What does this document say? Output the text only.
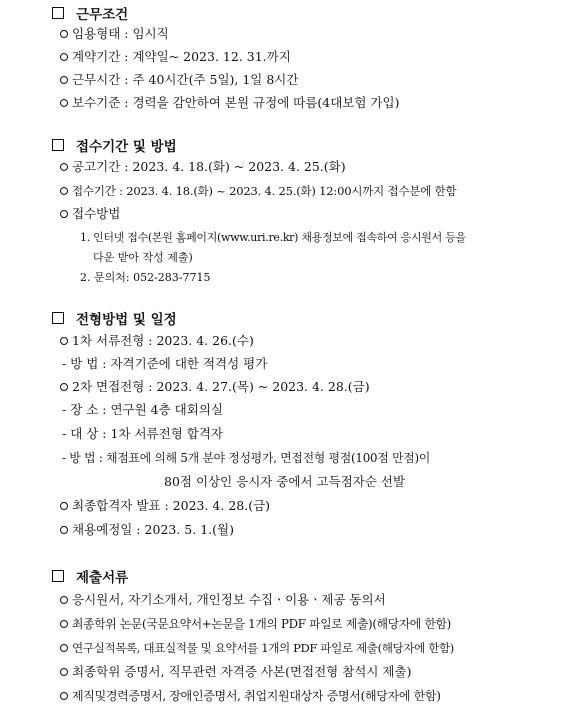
근무조건
임용형태 : 임시직
계약기간 : 계약일~ 2023. 12. 31.까지
근무시간 : 주 40시간(주 5일), 1일 8시간
보수기준 : 경력을 감안하여 본원 규정에 따름(4대보험 가입)
접수기간 및 방법
공고기간 : 2023. 4. 18.(화) ~ 2023. 4. 25.(화)
접수기간 : 2023. 4. 18.(화) ~ 2023. 4. 25.(화) 12:00시까지 접수분에 한함
접수방법
1. 인터넷 접수(본원 홈페이지(www.uri.re.kr) 채용정보에 접속하여 응시원서 등을
다운 받아 작성 제출)
2. 문의처: 052-283-7715
전형방법 및 일정
1차 서류전형 : 2023. 4. 26.(수)
- 방 법 : 자격기준에 대한 적격성 평가
2차 면접전형 : 2023. 4. 27.(목) ~ 2023. 4. 28.(금)
- 장 소 : 연구원 4층 대회의실
- 대 상 : 1차 서류전형 합격자
- 방 법 : 채점표에 의해 5개 분야 정성평가, 면접전형 평점(100점 만점)이
80점 이상인 응시자 중에서 고득점자순 선발
최종합격자 발표 : 2023. 4. 28.(금)
채용예정일 : 2023. 5. 1.(월)
제출서류
응시원서, 자기소개서, 개인정보 수집ㆍ이용ㆍ제공 동의서
최종학위 논문(국문요약서+논문을 1개의 PDF 파일로 제출)(해당자에 한함)
연구실적목록, 대표실적물 및 요약서를 1개의 PDF 파일로 제출(해당자에 한함)
최종학위 증명서, 직무관련 자격증 사본(면접전형 참석시 제출)
제직및경력증명서, 장애인증명서, 취업지원대상자 증명서(해당자에 한함)
